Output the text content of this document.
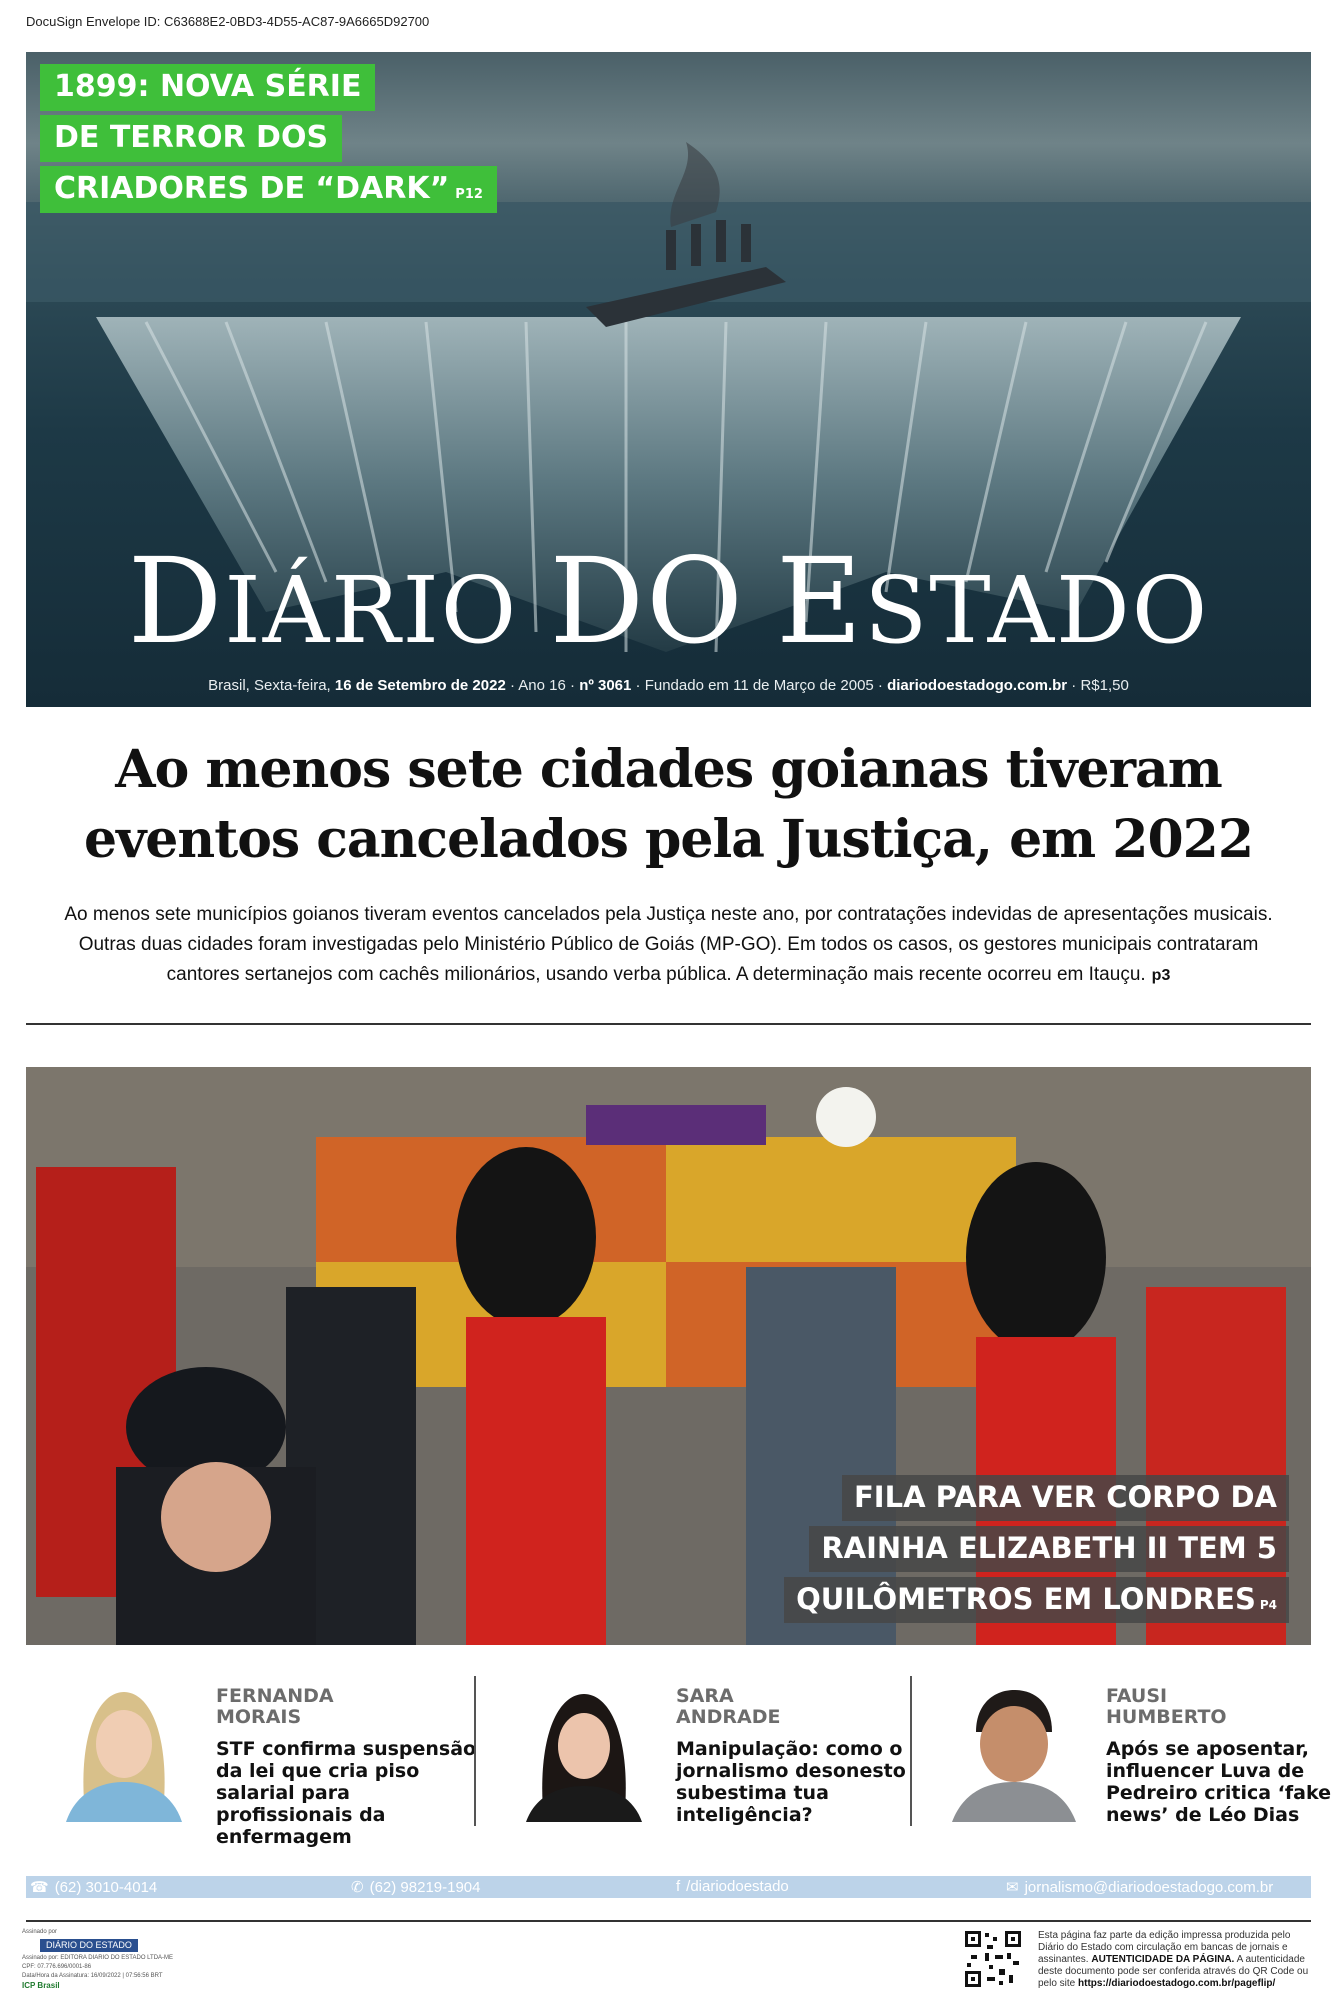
DocuSign Envelope ID: C63688E2-0BD3-4D55-AC87-9A6665D92700
1899: NOVA SÉRIE
DE TERROR DOS
CRIADORES DE “DARK” P12
DIÁRIO DO ESTADO
Brasil, Sexta-feira, 16 de Setembro de 2022 · Ano 16 · nº 3061 · Fundado em 11 de Março de 2005 · diariodoestadogo.com.br · R$1,50
Ao menos sete cidades goianas tiveram
eventos cancelados pela Justiça, em 2022
Ao menos sete municípios goianos tiveram eventos cancelados pela Justiça neste ano, por contratações indevidas de apresentações musicais.
Outras duas cidades foram investigadas pelo Ministério Público de Goiás (MP-GO). Em todos os casos, os gestores municipais contrataram
cantores sertanejos com cachês milionários, usando verba pública. A determinação mais recente ocorreu em Itauçu. p3
FILA PARA VER CORPO DA
RAINHA ELIZABETH II TEM 5
QUILÔMETROS EM LONDRES P4
FERNANDA
MORAIS
STF confirma suspensão da lei que cria piso salarial para profissionais da enfermagem
SARA
ANDRADE
Manipulação: como o jornalismo desonesto subestima tua inteligência?
FAUSI
HUMBERTO
Após se aposentar, influencer Luva de Pedreiro critica ‘fake news’ de Léo Dias
☎ (62) 3010-4014	✆ (62) 98219-1904	f /diariodoestado	✉ jornalismo@diariodoestadogo.com.br
Assinado por
DIÁRIO DO ESTADO
Assinado por: EDITORA DIARIO DO ESTADO LTDA-ME
CPF: 07.776.696/0001-86
Data/Hora da Assinatura: 16/09/2022 | 07:56:56 BRT
ICP Brasil
Esta página faz parte da edição impressa produzida pelo Diário do Estado com circulação em bancas de jornais e assinantes. AUTENTICIDADE DA PÁGINA. A autenticidade deste documento pode ser conferida através do QR Code ou pelo site https://diariodoestadogo.com.br/pageflip/
